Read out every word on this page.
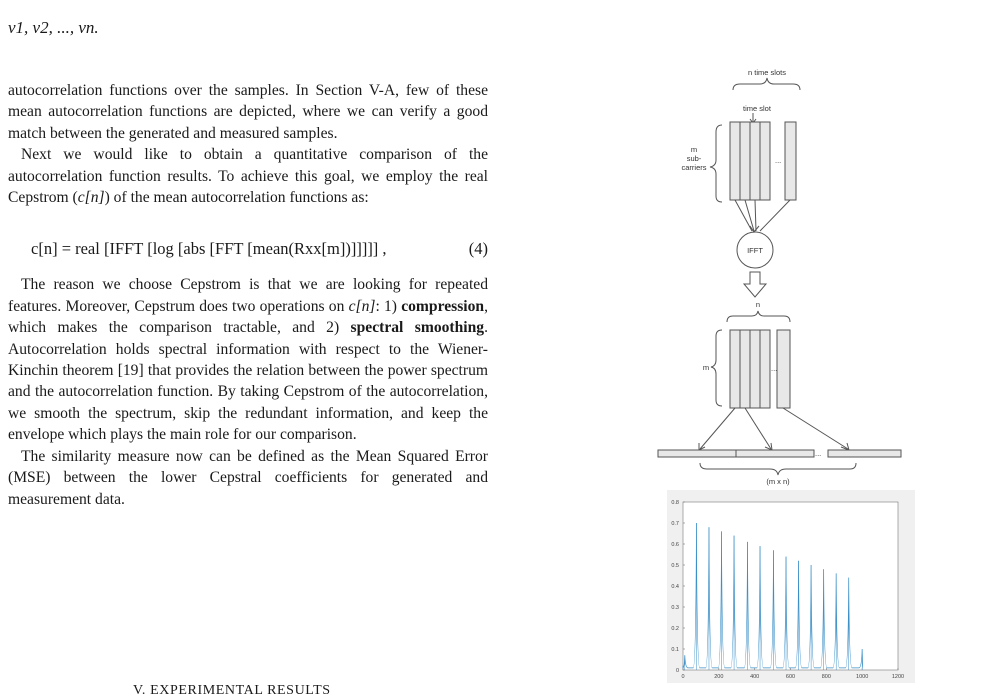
v1, v2, ..., vn.

autocorrelation functions over the samples. In Section V-A, few of these mean autocorrelation functions are depicted, where we can verify a good match between the generated and measured samples.

Next we would like to obtain a quantitative comparison of the autocorrelation function results. To achieve this goal, we employ the real Cepstrom (c[n]) of the mean autocorrelation functions as:

c[n] = real [IFFT [log [abs [FFT [mean(Rxx[m])]]]]] ,	(4)

The reason we choose Cepstrom is that we are looking for repeated features. Moreover, Cepstrum does two operations on c[n]: 1) compression, which makes the comparison tractable, and 2) spectral smoothing. Autocorrelation holds spectral information with respect to the Wiener-Kinchin theorem [19] that provides the relation between the power spectrum and the autocorrelation function. By taking Cepstrom of the autocorrelation, we smooth the spectrum, skip the redundant information, and keep the envelope which plays the main role for our comparison.

The similarity measure now can be defined as the Mean Squared Error (MSE) between the lower Cepstral coefficients for generated and measurement data.

V. EXPERIMENTAL RESULTS
n time slots
time slot
m
sub-
carriers
...
IFFT
n
m	...
...
(m x n)
0
0.1
0.2
0.3
0.4
0.5
0.6
0.7
0.8
0	200	400	600	800	1000	1200
